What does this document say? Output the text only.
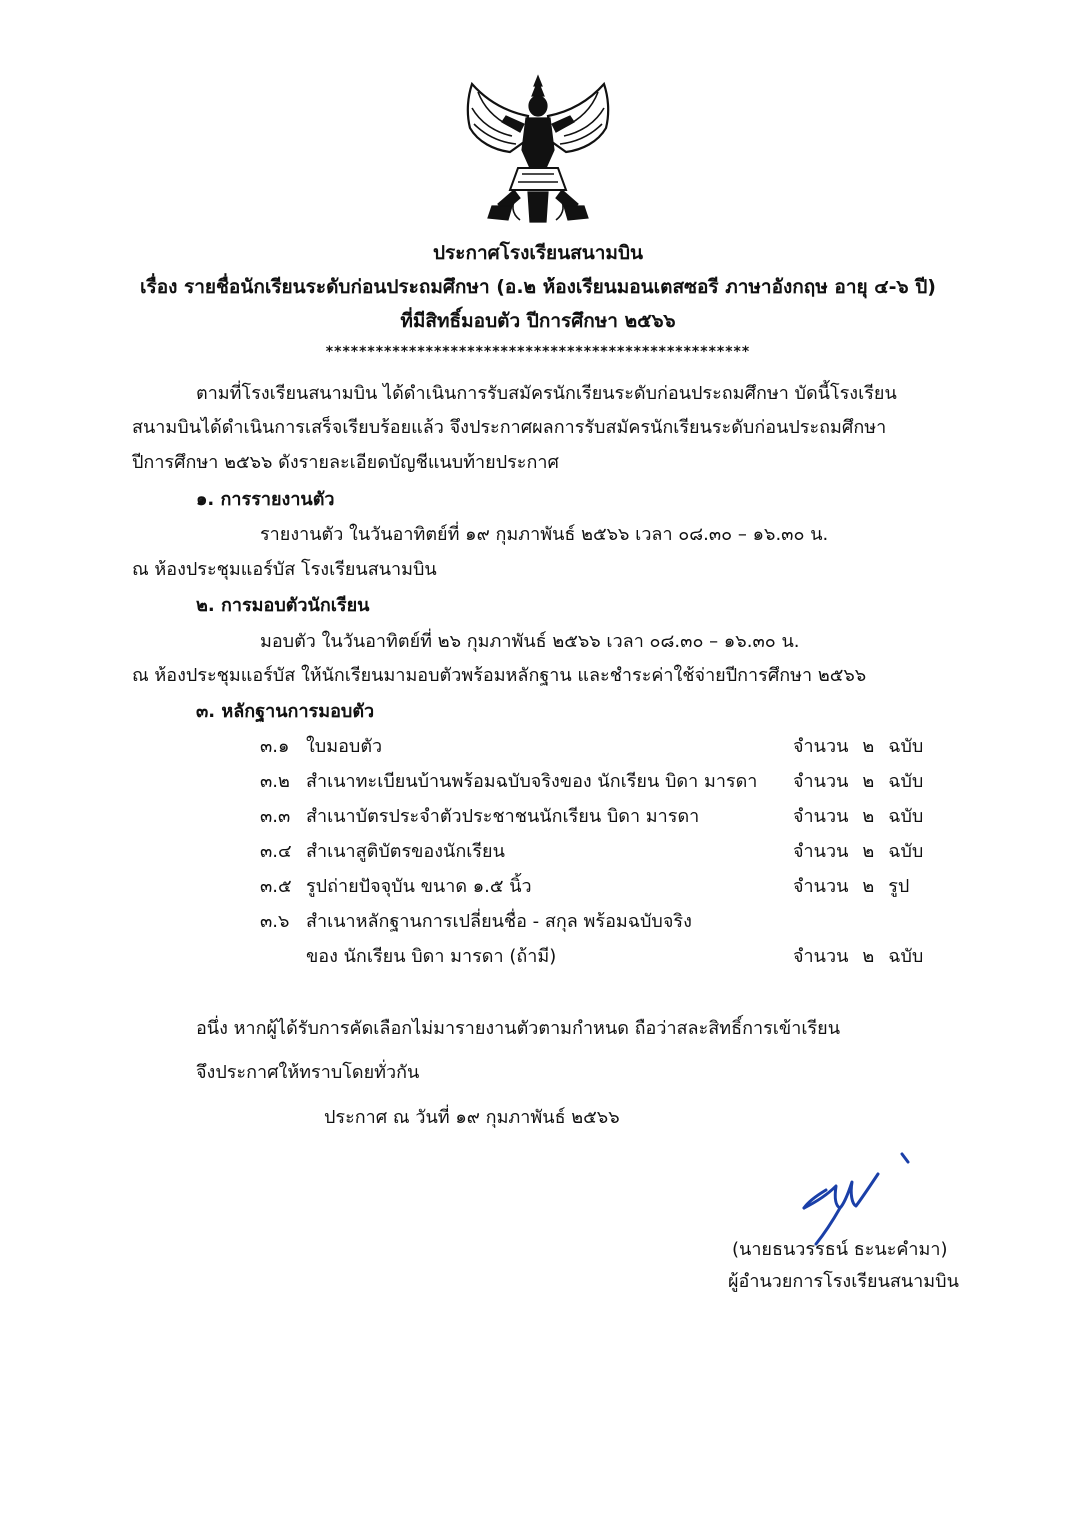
ประกาศโรงเรียนสนามบิน
เรื่อง รายชื่อนักเรียนระดับก่อนประถมศึกษา (อ.๒ ห้องเรียนมอนเตสซอรี ภาษาอังกฤษ อายุ ๔-๖ ปี)
ที่มีสิทธิ์มอบตัว ปีการศึกษา ๒๕๖๖
***************************************************
ตามที่โรงเรียนสนามบิน ได้ดำเนินการรับสมัครนักเรียนระดับก่อนประถมศึกษา บัดนี้โรงเรียน
สนามบินได้ดำเนินการเสร็จเรียบร้อยแล้ว จึงประกาศผลการรับสมัครนักเรียนระดับก่อนประถมศึกษา
ปีการศึกษา ๒๕๖๖ ดังรายละเอียดบัญชีแนบท้ายประกาศ
๑. การรายงานตัว
รายงานตัว ในวันอาทิตย์ที่ ๑๙ กุมภาพันธ์ ๒๕๖๖ เวลา ๐๘.๓๐ – ๑๖.๓๐ น.
ณ ห้องประชุมแอร์บัส โรงเรียนสนามบิน
๒. การมอบตัวนักเรียน
มอบตัว ในวันอาทิตย์ที่ ๒๖ กุมภาพันธ์ ๒๕๖๖ เวลา ๐๘.๓๐ – ๑๖.๓๐ น.
ณ ห้องประชุมแอร์บัส ให้นักเรียนมามอบตัวพร้อมหลักฐาน และชำระค่าใช้จ่ายปีการศึกษา ๒๕๖๖
๓. หลักฐานการมอบตัว
๓.๑ ใบมอบตัว	จำนวน ๒ ฉบับ
๓.๒ สำเนาทะเบียนบ้านพร้อมฉบับจริงของ นักเรียน บิดา มารดา จำนวน ๒ ฉบับ
๓.๓ สำเนาบัตรประจำตัวประชาชนนักเรียน บิดา มารดา	จำนวน ๒ ฉบับ
๓.๔ สำเนาสูติบัตรของนักเรียน	จำนวน ๒ ฉบับ
๓.๕ รูปถ่ายปัจจุบัน ขนาด ๑.๕ นิ้ว	จำนวน ๒ รูป
๓.๖ สำเนาหลักฐานการเปลี่ยนชื่อ - สกุล พร้อมฉบับจริง
ของ นักเรียน บิดา มารดา (ถ้ามี)	จำนวน ๒ ฉบับ
อนึ่ง หากผู้ได้รับการคัดเลือกไม่มารายงานตัวตามกำหนด ถือว่าสละสิทธิ์การเข้าเรียน
จึงประกาศให้ทราบโดยทั่วกัน
ประกาศ ณ วันที่ ๑๙ กุมภาพันธ์ ๒๕๖๖
(นายธนวรรธน์ ธะนะคำมา)
ผู้อำนวยการโรงเรียนสนามบิน
